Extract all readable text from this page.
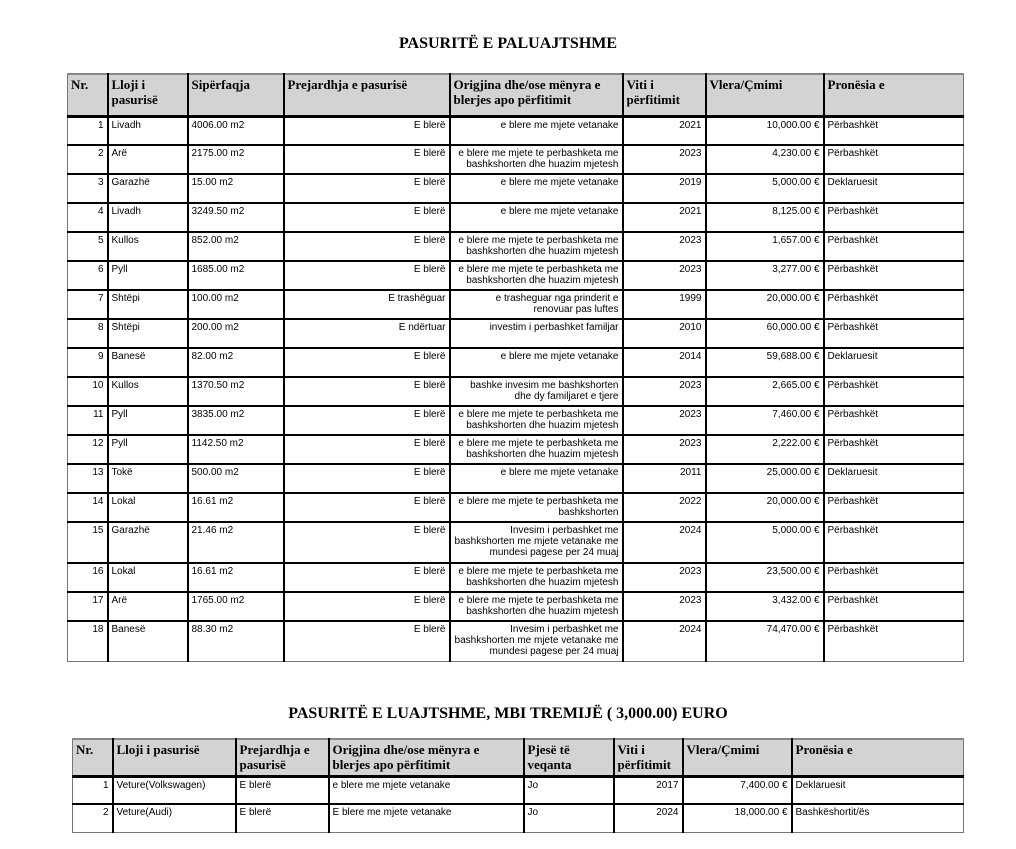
PASURITË E PALUAJTSHME
Nr.	Lloji i pasurisë	Sipërfaqja	Prejardhja e pasurisë	Origjina dhe/ose mënyra e blerjes apo përfitimit	Viti i përfitimit	Vlera/Çmimi	Pronësia e
1	Livadh	4006.00 m2	E blerë	e blere me mjete vetanake	2021	10,000.00 €	Përbashkët
2	Arë	2175.00 m2	E blerë	e blere me mjete te perbashketa me bashkshorten dhe huazim mjetesh	2023	4,230.00 €	Përbashkët
3	Garazhë	15.00 m2	E blerë	e blere me mjete vetanake	2019	5,000.00 €	Deklaruesit
4	Livadh	3249.50 m2	E blerë	e blere me mjete vetanake	2021	8,125.00 €	Përbashkët
5	Kullos	852.00 m2	E blerë	e blere me mjete te perbashketa me bashkshorten dhe huazim mjetesh	2023	1,657.00 €	Përbashkët
6	Pyll	1685.00 m2	E blerë	e blere me mjete te perbashketa me bashkshorten dhe huazim mjetesh	2023	3,277.00 €	Përbashkët
7	Shtëpi	100.00 m2	E trashëguar	e trasheguar nga prinderit e renovuar pas luftes	1999	20,000.00 €	Përbashkët
8	Shtëpi	200.00 m2	E ndërtuar	investim i perbashket familjar	2010	60,000.00 €	Përbashkët
9	Banesë	82.00 m2	E blerë	e blere me mjete vetanake	2014	59,688.00 €	Deklaruesit
10	Kullos	1370.50 m2	E blerë	bashke invesim me bashkshorten dhe dy familjaret e tjere	2023	2,665.00 €	Përbashkët
11	Pyll	3835.00 m2	E blerë	e blere me mjete te perbashketa me bashkshorten dhe huazim mjetesh	2023	7,460.00 €	Përbashkët
12	Pyll	1142.50 m2	E blerë	e blere me mjete te perbashketa me bashkshorten dhe huazim mjetesh	2023	2,222.00 €	Përbashkët
13	Tokë	500.00 m2	E blerë	e blere me mjete vetanake	2011	25,000.00 €	Deklaruesit
14	Lokal	16.61 m2	E blerë	e blere me mjete te perbashketa me bashkshorten	2022	20,000.00 €	Përbashkët
15	Garazhë	21.46 m2	E blerë	Invesim i perbashket me bashkshorten me mjete vetanake me mundesi pagese per 24 muaj	2024	5,000.00 €	Përbashkët
16	Lokal	16.61 m2	E blerë	e blere me mjete te perbashketa me bashkshorten dhe huazim mjetesh	2023	23,500.00 €	Përbashkët
17	Arë	1765.00 m2	E blerë	e blere me mjete te perbashketa me bashkshorten dhe huazim mjetesh	2023	3,432.00 €	Përbashkët
18	Banesë	88.30 m2	E blerë	Invesim i perbashket me bashkshorten me mjete vetanake me mundesi pagese per 24 muaj	2024	74,470.00 €	Përbashkët
PASURITË E LUAJTSHME, MBI TREMIJË ( 3,000.00) EURO
Nr.	Lloji i pasurisë	Prejardhja e pasurisë	Origjina dhe/ose mënyra e blerjes apo përfitimit	Pjesë të veqanta	Viti i përfitimit	Vlera/Çmimi	Pronësia e
1	Veture(Volkswagen)	E blerë	e blere me mjete vetanake	Jo	2017	7,400.00 €	Deklaruesit
2	Veture(Audi)	E blerë	E blere me mjete vetanake	Jo	2024	18,000.00 €	Bashkëshortit/ës
